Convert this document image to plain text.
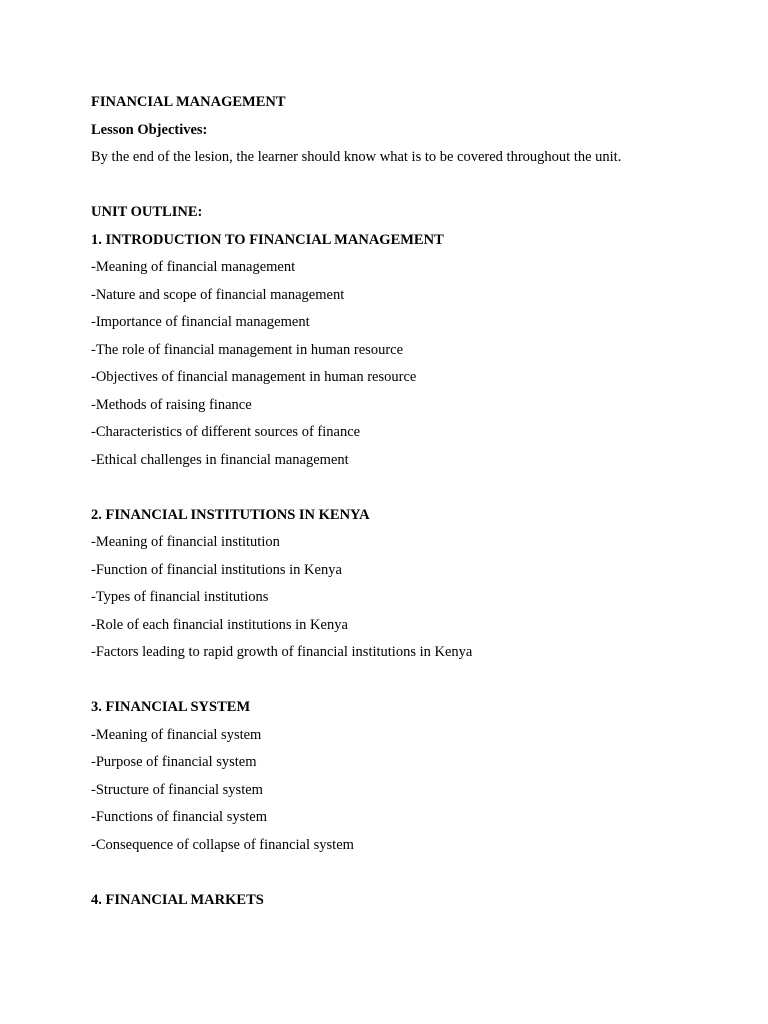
FINANCIAL MANAGEMENT
Lesson Objectives:
By the end of the lesion, the learner should know what is to be covered throughout the unit.
UNIT OUTLINE:
1. INTRODUCTION TO FINANCIAL MANAGEMENT
-Meaning of financial management
-Nature and scope of financial management
-Importance of financial management
-The role of financial management in human resource
-Objectives of financial management in human resource
-Methods of raising finance
-Characteristics of different sources of finance
-Ethical challenges in financial management
2. FINANCIAL INSTITUTIONS IN KENYA
-Meaning of financial institution
-Function of financial institutions in Kenya
-Types of financial institutions
-Role of each financial institutions in Kenya
-Factors leading to rapid growth of financial institutions in Kenya
3. FINANCIAL SYSTEM
-Meaning of financial system
-Purpose of financial system
-Structure of financial system
-Functions of financial system
-Consequence of collapse of financial system
4. FINANCIAL MARKETS
